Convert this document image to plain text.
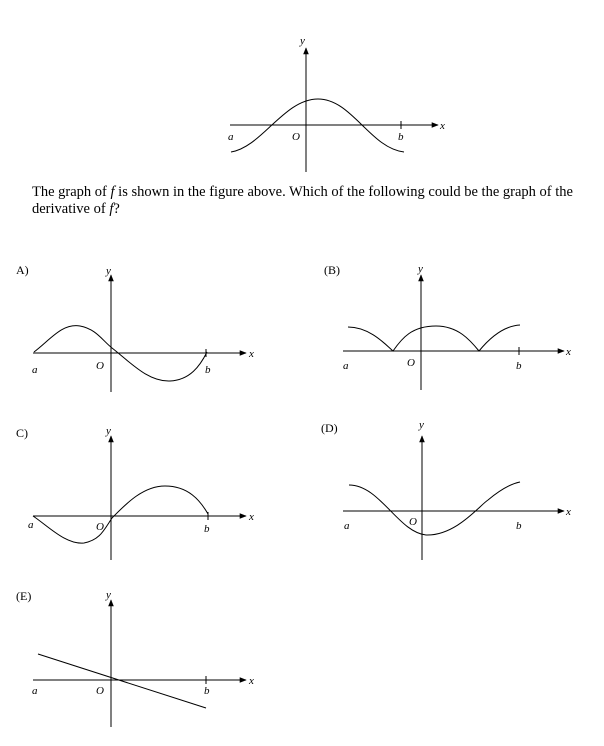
y
x
a	O	b
A)	y
x
a	O	b
(B)	y
x
a	O	b
C)	y
x
a	O	b
(D)	y
x
a	O	b
(E)	y
x
a	O	b
The graph of f is shown in the figure above. Which of the following could be the graph of the derivative of f?
